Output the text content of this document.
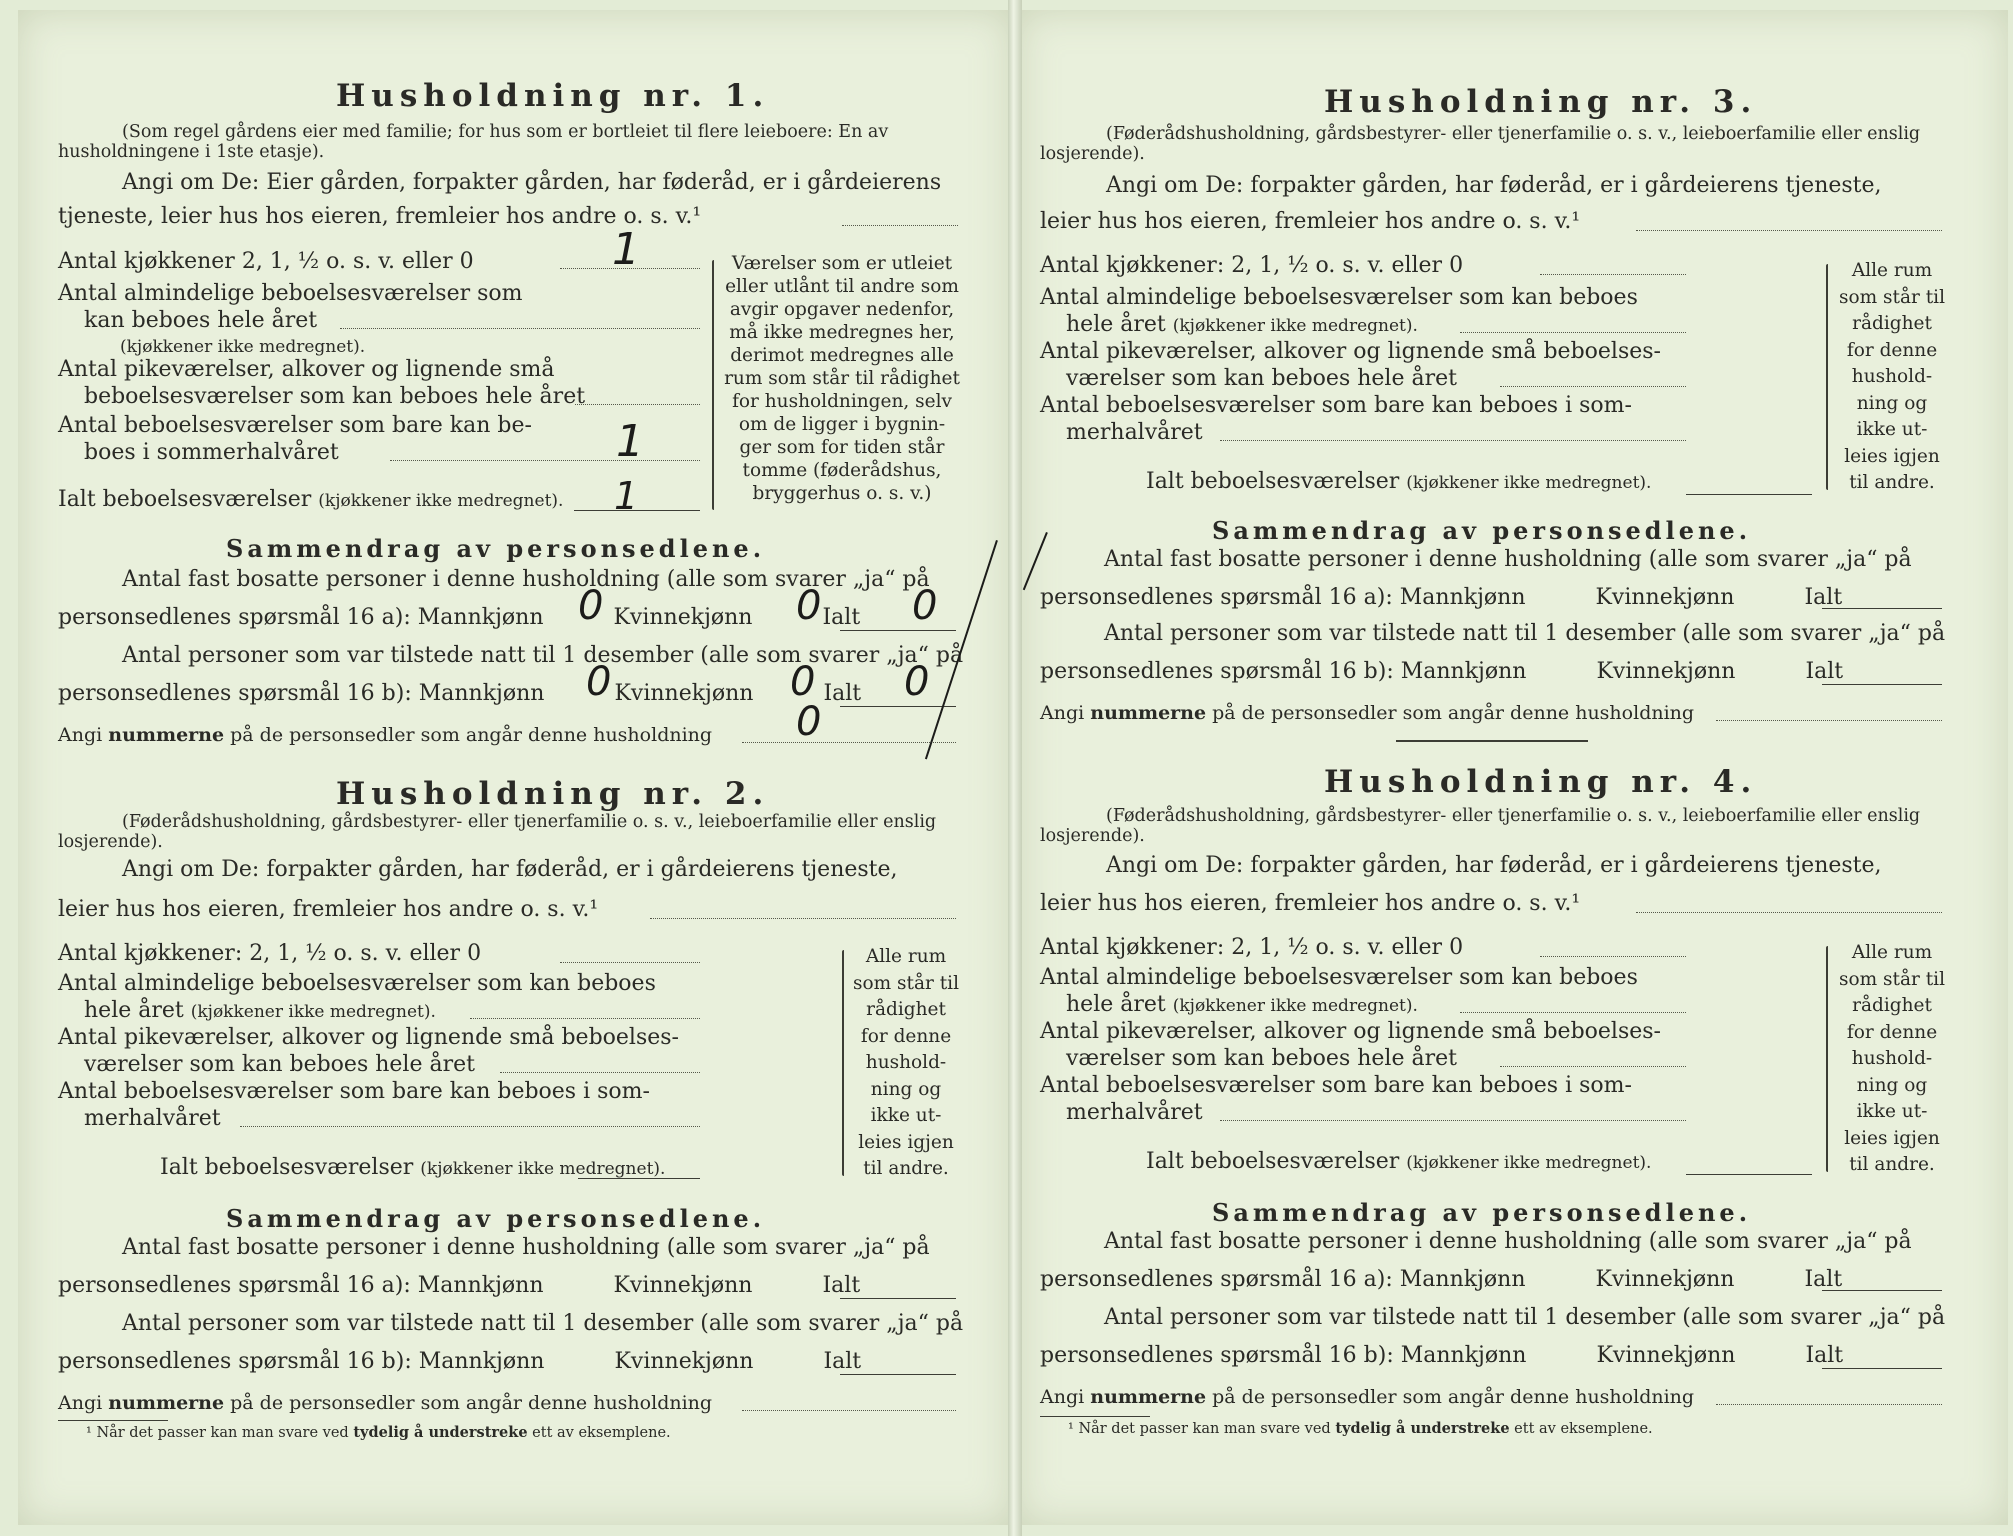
Husholdning nr. 1.
(Som regel gårdens eier med familie; for hus som er bortleiet til flere leieboere: En av husholdningene i 1ste etasje).
Angi om De: Eier gården, forpakter gården, har føderåd, er i gårdeierens tjeneste, leier hus hos eieren, fremleier hos andre o. s. v.¹
Antal kjøkkener 2, 1, ½ o. s. v. eller 0	1
Antal almindelige beboelsesværelser som
kan beboes hele året
(kjøkkener ikke medregnet).
Antal pikeværelser, alkover og lignende små
beboelsesværelser som kan beboes hele året
Antal beboelsesværelser som bare kan be-
boes i sommerhalvåret	1
Ialt beboelsesværelser (kjøkkener ikke medregnet). 1
Værelser som er utleiet
eller utlånt til andre som
avgir opgaver nedenfor,
må ikke medregnes her,
derimot medregnes alle
rum som står til rådighet
for husholdningen, selv
om de ligger i bygnin-
ger som for tiden står
tomme (føderådshus,
bryggerhus o. s. v.)
Sammendrag av personsedlene.
Antal fast bosatte personer i denne husholdning (alle som svarer „ja“ på
personsedlenes spørsmål 16 a): Mannkjønn	Kvinnekjønn	Ialt
0	0 0
Antal personer som var tilstede natt til 1 desember (alle som svarer „ja“ på
personsedlenes spørsmål 16 b): Mannkjønn	Kvinnekjønn	Ialt
0	0 0
Angi nummerne på de personsedler som angår denne husholdning 0
Husholdning nr. 2.
(Føderådshusholdning, gårdsbestyrer- eller tjenerfamilie o. s. v., leieboerfamilie eller enslig losjerende).
Angi om De: forpakter gården, har føderåd, er i gårdeierens tjeneste,
leier hus hos eieren, fremleier hos andre o. s. v.¹
Antal kjøkkener: 2, 1, ½ o. s. v. eller 0
Antal almindelige beboelsesværelser som kan beboes
hele året (kjøkkener ikke medregnet).
Antal pikeværelser, alkover og lignende små beboelses-
værelser som kan beboes hele året
Antal beboelsesværelser som bare kan beboes i som-
merhalvåret
Ialt beboelsesværelser (kjøkkener ikke medregnet).
Alle rum
som står til
rådighet
for denne
hushold-
ning og
ikke ut-
leies igjen
til andre.
Sammendrag av personsedlene.
Antal fast bosatte personer i denne husholdning (alle som svarer „ja“ på
personsedlenes spørsmål 16 a): Mannkjønn	Kvinnekjønn	Ialt
Antal personer som var tilstede natt til 1 desember (alle som svarer „ja“ på
personsedlenes spørsmål 16 b): Mannkjønn	Kvinnekjønn	Ialt
Angi nummerne på de personsedler som angår denne husholdning
¹ Når det passer kan man svare ved tydelig å understreke ett av eksemplene.
Husholdning nr. 3.
(Føderådshusholdning, gårdsbestyrer- eller tjenerfamilie o. s. v., leieboerfamilie eller enslig losjerende).
Angi om De: forpakter gården, har føderåd, er i gårdeierens tjeneste,
leier hus hos eieren, fremleier hos andre o. s. v.¹
Antal kjøkkener: 2, 1, ½ o. s. v. eller 0
Antal almindelige beboelsesværelser som kan beboes
hele året (kjøkkener ikke medregnet).
Antal pikeværelser, alkover og lignende små beboelses-
værelser som kan beboes hele året
Antal beboelsesværelser som bare kan beboes i som-
merhalvåret
Ialt beboelsesværelser (kjøkkener ikke medregnet).
Alle rum
som står til
rådighet
for denne
hushold-
ning og
ikke ut-
leies igjen
til andre.
Sammendrag av personsedlene.
Antal fast bosatte personer i denne husholdning (alle som svarer „ja“ på
personsedlenes spørsmål 16 a): Mannkjønn	Kvinnekjønn	Ialt
Antal personer som var tilstede natt til 1 desember (alle som svarer „ja“ på
personsedlenes spørsmål 16 b): Mannkjønn	Kvinnekjønn	Ialt
Angi nummerne på de personsedler som angår denne husholdning
Husholdning nr. 4.
(Føderådshusholdning, gårdsbestyrer- eller tjenerfamilie o. s. v., leieboerfamilie eller enslig losjerende).
Angi om De: forpakter gården, har føderåd, er i gårdeierens tjeneste,
leier hus hos eieren, fremleier hos andre o. s. v.¹
Antal kjøkkener: 2, 1, ½ o. s. v. eller 0
Antal almindelige beboelsesværelser som kan beboes
hele året (kjøkkener ikke medregnet).
Antal pikeværelser, alkover og lignende små beboelses-
værelser som kan beboes hele året
Antal beboelsesværelser som bare kan beboes i som-
merhalvåret
Ialt beboelsesværelser (kjøkkener ikke medregnet).
Alle rum
som står til
rådighet
for denne
hushold-
ning og
ikke ut-
leies igjen
til andre.
Sammendrag av personsedlene.
Antal fast bosatte personer i denne husholdning (alle som svarer „ja“ på
personsedlenes spørsmål 16 a): Mannkjønn	Kvinnekjønn	Ialt
Antal personer som var tilstede natt til 1 desember (alle som svarer „ja“ på
personsedlenes spørsmål 16 b): Mannkjønn	Kvinnekjønn	Ialt
Angi nummerne på de personsedler som angår denne husholdning
¹ Når det passer kan man svare ved tydelig å understreke ett av eksemplene.
